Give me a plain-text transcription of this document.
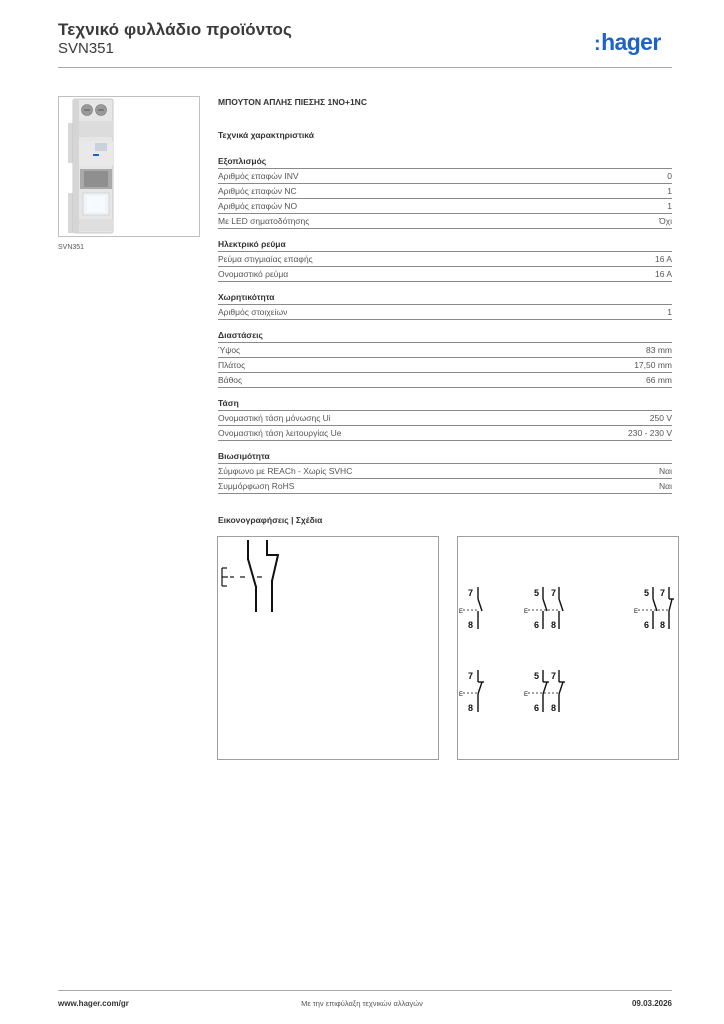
Τεχνικό φυλλάδιο προϊόντος
SVN351	:hager
SVN351
ΜΠΟΥΤΟΝ ΑΠΛΗΣ ΠΙΕΣΗΣ 1NO+1NC
Τεχνικά χαρακτηριστικά
Εξοπλισμός
Αριθμός επαφών INV	0
Αριθμός επαφών NC	1
Αριθμός επαφών NO	1
Με LED σηματοδότησης	Όχι
Ηλεκτρικό ρεύμα
Ρεύμα στιγμιαίας επαφής	16 A
Ονομαστικό ρεύμα	16 A
Χωρητικότητα
Αριθμός στοιχείων	1
Διαστάσεις
Ύψος	83 mm
Πλάτος	17,50 mm
Βάθος	66 mm
Τάση
Ονομαστική τάση μόνωσης Ui	250 V
Ονομαστική τάση λειτουργίας Ue	230 - 230 V
Βιωσιμότητα
Σύμφωνο με REACh - Χωρίς SVHC	Ναι
Συμμόρφωση RoHS	Ναι
Εικονογραφήσεις | Σχέδια
7
8
5 7
6 8
5 7
6 8
7
8
5 7
6 8
E	E	E
E	E
www.hager.com/gr	Με την επιφύλαξη τεχνικών αλλαγών	09.03.2026
